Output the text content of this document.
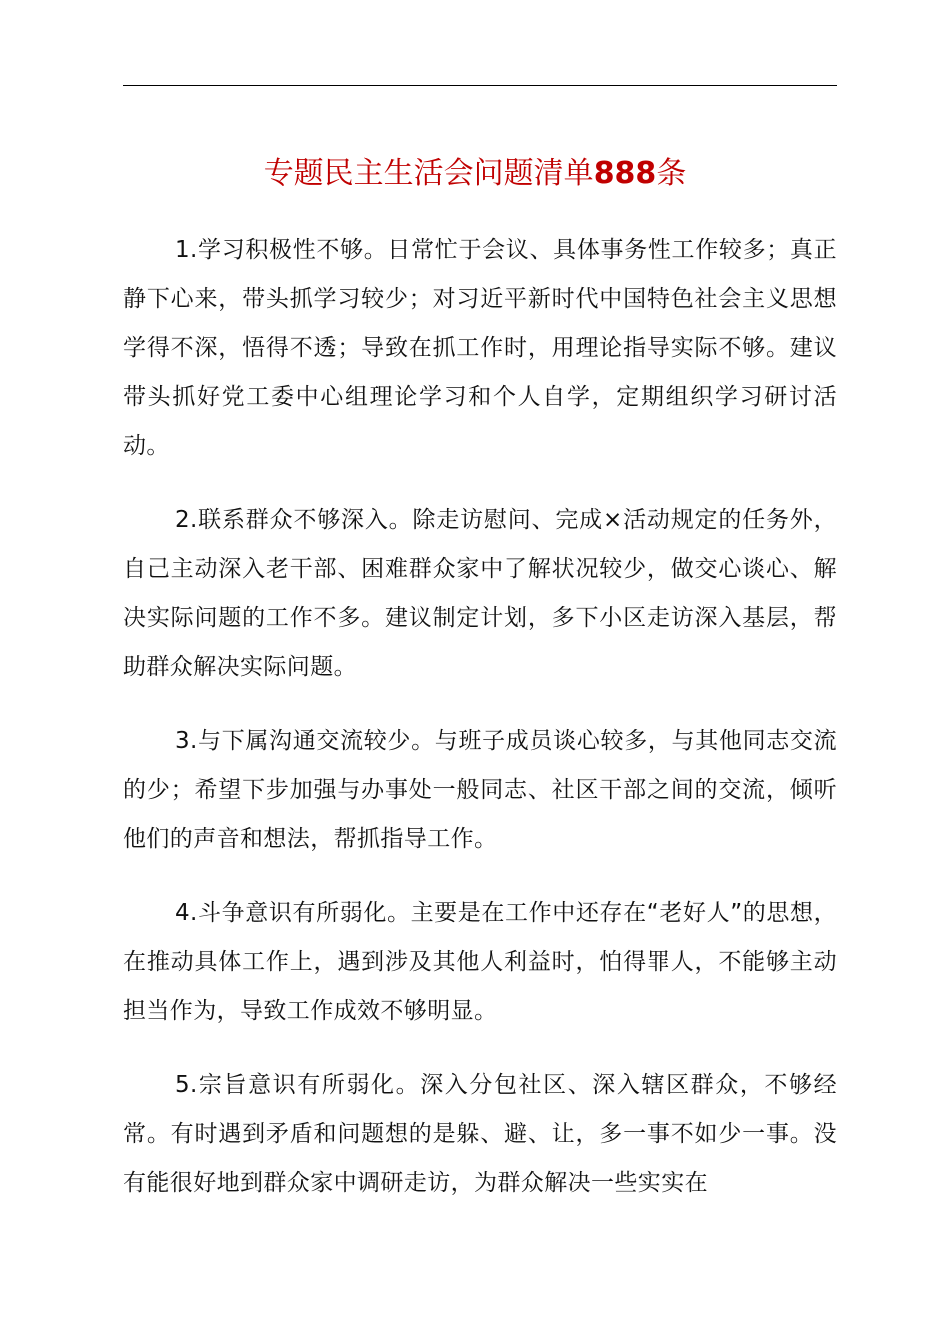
专题民主生活会问题清单888条

1.学习积极性不够。日常忙于会议、具体事务性工作较多；真正静下心来，带头抓学习较少；对习近平新时代中国特色社会主义思想学得不深，悟得不透；导致在抓工作时，用理论指导实际不够。建议带头抓好党工委中心组理论学习和个人自学，定期组织学习研讨活动。

2.联系群众不够深入。除走访慰问、完成×活动规定的任务外，自己主动深入老干部、困难群众家中了解状况较少，做交心谈心、解决实际问题的工作不多。建议制定计划，多下小区走访深入基层，帮助群众解决实际问题。

3.与下属沟通交流较少。与班子成员谈心较多，与其他同志交流的少；希望下步加强与办事处一般同志、社区干部之间的交流，倾听他们的声音和想法，帮抓指导工作。

4.斗争意识有所弱化。主要是在工作中还存在“老好人”的思想，在推动具体工作上，遇到涉及其他人利益时，怕得罪人，不能够主动担当作为，导致工作成效不够明显。

5.宗旨意识有所弱化。深入分包社区、深入辖区群众，不够经常。有时遇到矛盾和问题想的是躲、避、让，多一事不如少一事。没有能很好地到群众家中调研走访，为群众解决一些实实在
